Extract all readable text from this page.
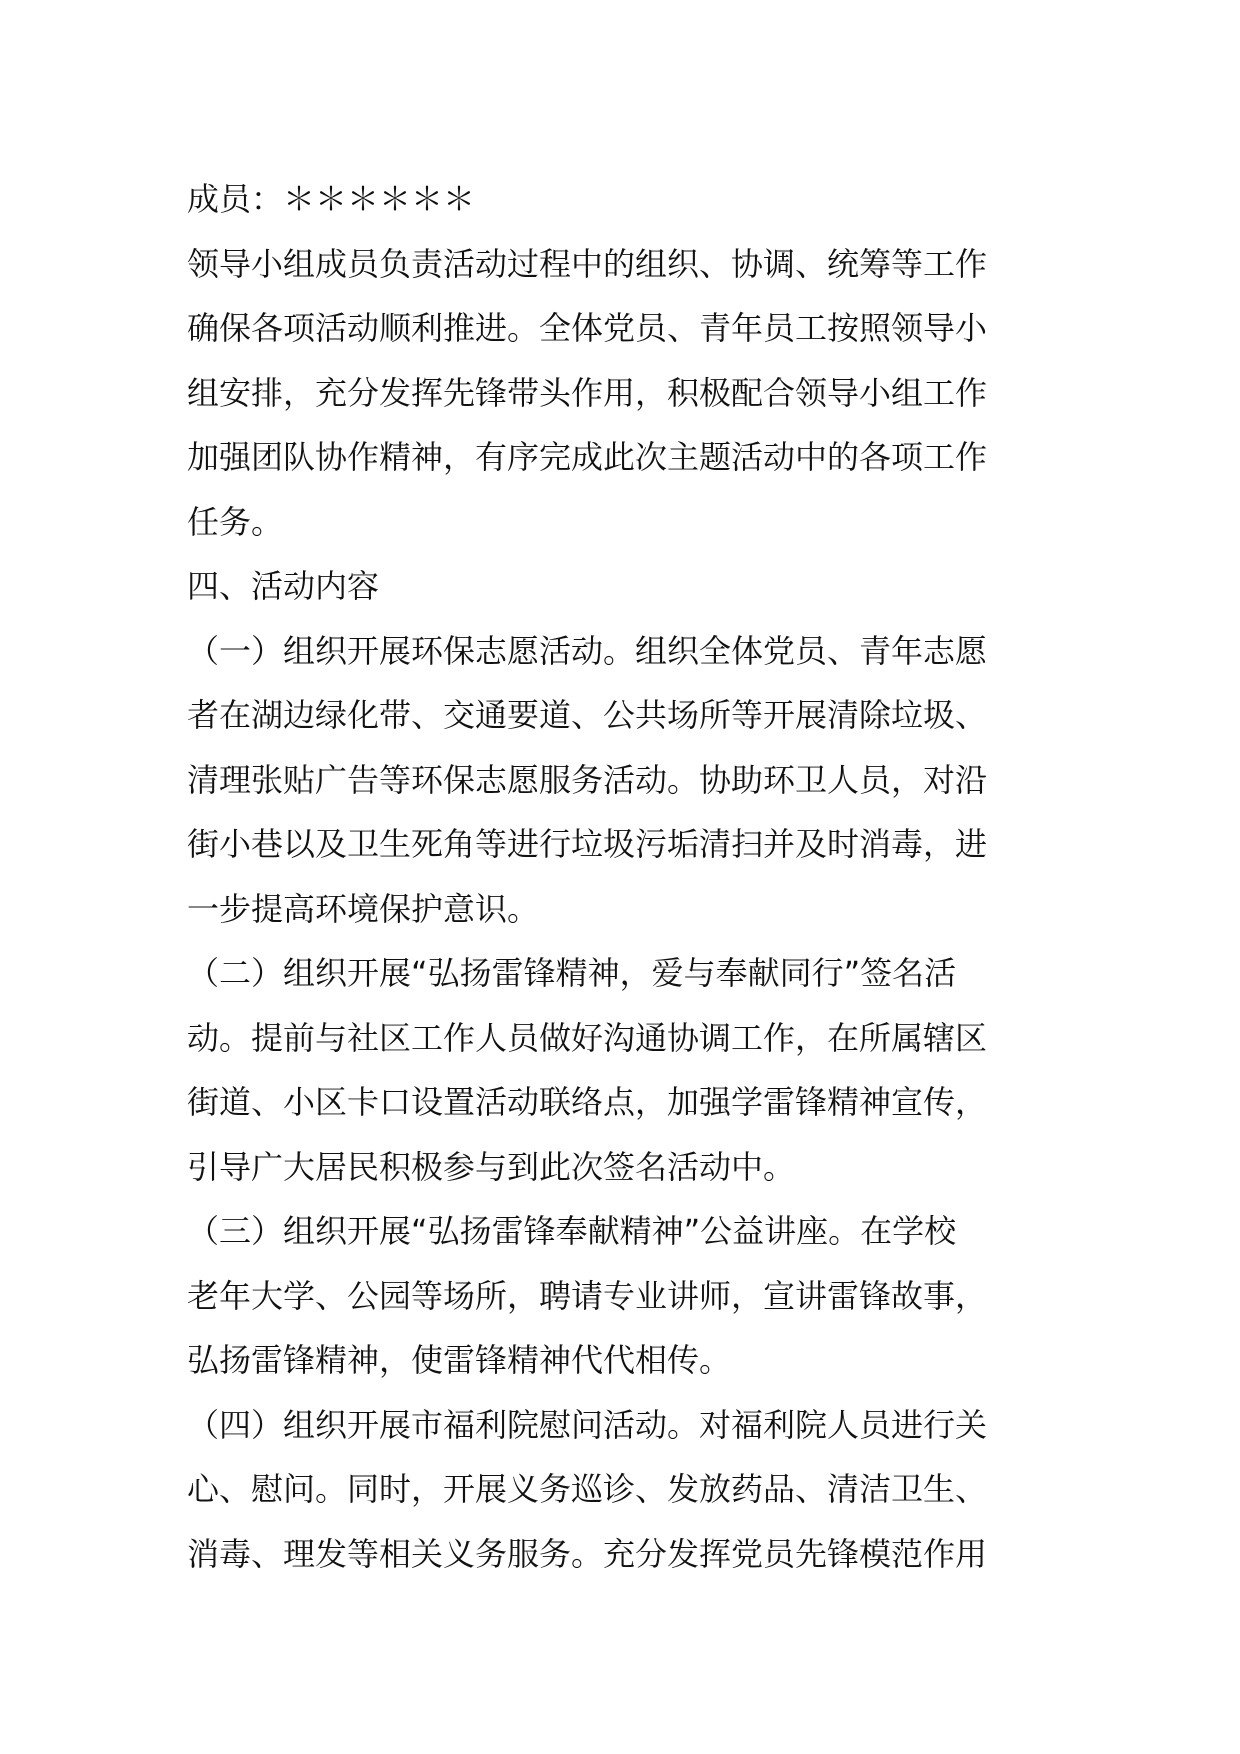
成员：＊＊＊＊＊＊
领导小组成员负责活动过程中的组织、协调、统筹等工作
确保各项活动顺利推进。全体党员、青年员工按照领导小
组安排，充分发挥先锋带头作用，积极配合领导小组工作
加强团队协作精神，有序完成此次主题活动中的各项工作
任务。
四、活动内容
（一）组织开展环保志愿活动。组织全体党员、青年志愿
者在湖边绿化带、交通要道、公共场所等开展清除垃圾、
清理张贴广告等环保志愿服务活动。协助环卫人员，对沿
街小巷以及卫生死角等进行垃圾污垢清扫并及时消毒，进
一步提高环境保护意识。
（二）组织开展“弘扬雷锋精神，爱与奉献同行”签名活
动。提前与社区工作人员做好沟通协调工作，在所属辖区
街道、小区卡口设置活动联络点，加强学雷锋精神宣传，
引导广大居民积极参与到此次签名活动中。
（三）组织开展“弘扬雷锋奉献精神”公益讲座。在学校
老年大学、公园等场所，聘请专业讲师，宣讲雷锋故事，
弘扬雷锋精神，使雷锋精神代代相传。
（四）组织开展市福利院慰问活动。对福利院人员进行关
心、慰问。同时，开展义务巡诊、发放药品、清洁卫生、
消毒、理发等相关义务服务。充分发挥党员先锋模范作用
